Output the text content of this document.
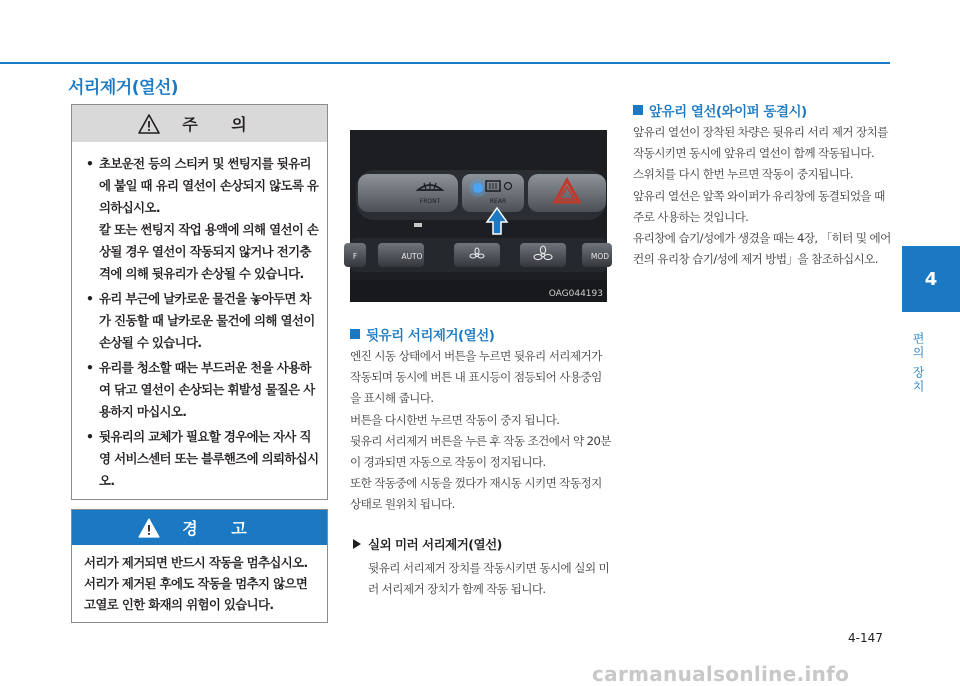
서리제거(열선)
주 의

• 초보운전 등의 스티커 및 썬팅지를 뒷유리에 붙일 때 유리 열선이 손상되지 않도록 유의하십시오.

칼 또는 썬팅지 작업 용액에 의해 열선이 손상될 경우 열선이 작동되지 않거나 전기충격에 의해 뒷유리가 손상될 수 있습니다.

• 유리 부근에 날카로운 물건을 놓아두면 차가 진동할 때 날카로운 물건에 의해 열선이 손상될 수 있습니다.

• 유리를 청소할 때는 부드러운 천을 사용하여 닦고 열선이 손상되는 휘발성 물질은 사용하지 마십시오.

• 뒷유리의 교체가 필요할 경우에는 자사 직영 서비스센터 또는 블루핸즈에 의뢰하십시오.

경 고
서리가 제거되면 반드시 작동을 멈추십시오. 서리가 제거된 후에도 작동을 멈추지 않으면 고열로 인한 화재의 위험이 있습니다.
FRONT	REAR
AUTO
F	MOD
OAG044193
뒷유리 서리제거(열선)

엔진 시동 상태에서 버튼을 누르면 뒷유리 서리제거가 작동되며 동시에 버튼 내 표시등이 점등되어 사용중임을 표시해 줍니다.

버튼을 다시한번 누르면 작동이 중지 됩니다.

뒷유리 서리제거 버튼을 누른 후 작동 조건에서 약 20분이 경과되면 자동으로 작동이 정지됩니다.

또한 작동중에 시동을 껐다가 재시동 시키면 작동정지 상태로 원위치 됩니다.

실외 미러 서리제거(열선)
뒷유리 서리제거 장치를 작동시키면 동시에 실외 미러 서리제거 장치가 함께 작동 됩니다.
앞유리 열선(와이퍼 동결시)

앞유리 열선이 장착된 차량은 뒷유리 서리 제거 장치를 작동시키면 동시에 앞유리 열선이 함께 작동됩니다.

스위치를 다시 한번 누르면 작동이 중지됩니다.

앞유리 열선은 앞쪽 와이퍼가 유리창에 동결되었을 때 주로 사용하는 것입니다.

유리창에 습기/성에가 생겼을 때는 4장, 「히터 및 에어컨의 유리창 습기/성에 제거 방법」을 참조하십시오.

4
편의 장치
4-147
carmanualsonline.info
